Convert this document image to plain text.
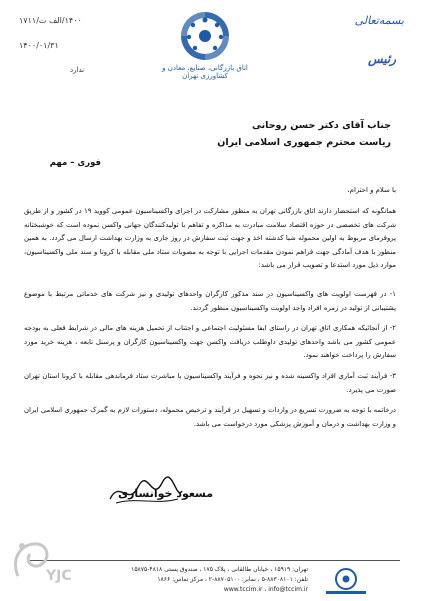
۱۴۰۰/الف ت/۱۷۱۱
۱۴۰۰/۰۱/۳۱
ندارد	اتاق بازرگانی، صنایع، معادن و کشاورزی تهران
بسمه‌تعالی
رئیس
جناب آقای دکتر حسن روحانی
ریاست محترم جمهوری اسلامی ایران
فوری – مهم
با سلام و احترام،
همانگونه که استحضار دارند اتاق بازرگانی تهران به منظور مشارکت در اجرای واکسیناسیون عمومی کووید ۱۹ در کشور و از طریق شرکت های تخصصی در حوزه اقتصاد سلامت مبادرت به مذاکره و تفاهم با تولیدکنندگان جهانی واکسن نموده است که خوشبختانه پروفرمای مربوط به اولین محموله شبا کدشته اخذ و جهت ثبت سفارش در روز جاری به وزارت بهداشت ارسال می گردد. به همین منظور با هدف آمادگی جهت فراهم نمودن مقدمات اجرایی با توجه به مصوبات ستاد ملی مقابله با کرونا و سند ملی واکسیناسیون، موارد ذیل مورد استدعا و تصویب قرار می باشد:
۱- در فهرست اولویت های واکسیناسیون در سند مذکور کارگران واحدهای تولیدی و نیز شرکت های خدماتی مرتبط با موضوع پشتیبانی از تولید در زمره افراد واجد اولویت واکسیناسیون منظور گردند.
۲- از آنجائیکه همکاری اتاق تهران در راستای ایفا مسئولیت اجتماعی و اجتناب از تحمیل هزینه های مالی در شرایط فعلی به بودجه عمومی کشور می باشد واحدهای تولیدی داوطلب دریافت واکسن جهت واکسیناسیون کارگران و پرسنل تابعه ، هزینه خرید مورد سفارش را پرداخت خواهند نمود.
۳- فرآیند ثبت آماری افراد واکسینه شده و نیز نحوه و فرآیند واکسیناسیون با مباشرت ستاد فرماندهی مقابله با کرونا استان تهران صورت می پذیرد.
درخاتمه با توجه به ضرورت تسریع در واردات و تسهیل در فرآیند و ترخیص محموله، دستورات لازم به گمرک جمهوری اسلامی ایران و وزارت بهداشت و درمان و آموزش پزشکی مورد درخواست می باشد.
مسعود خوانساری
تهران: ۱۵۹۱۹ ، خیابان طالقانی ، پلاک ۱۷۵ ، صندوق پستی ۴۸۱۸-۱۵۸۷۵
تلفن: ۸۸۳۰۸۱۰۱-۵ ، نمابر: ۸۸۷۰۵۱۰۰-۲ ، مرکز تماس: ۱۸۶۶
www.tccim.ir ، info@tccim.ir
YJC
